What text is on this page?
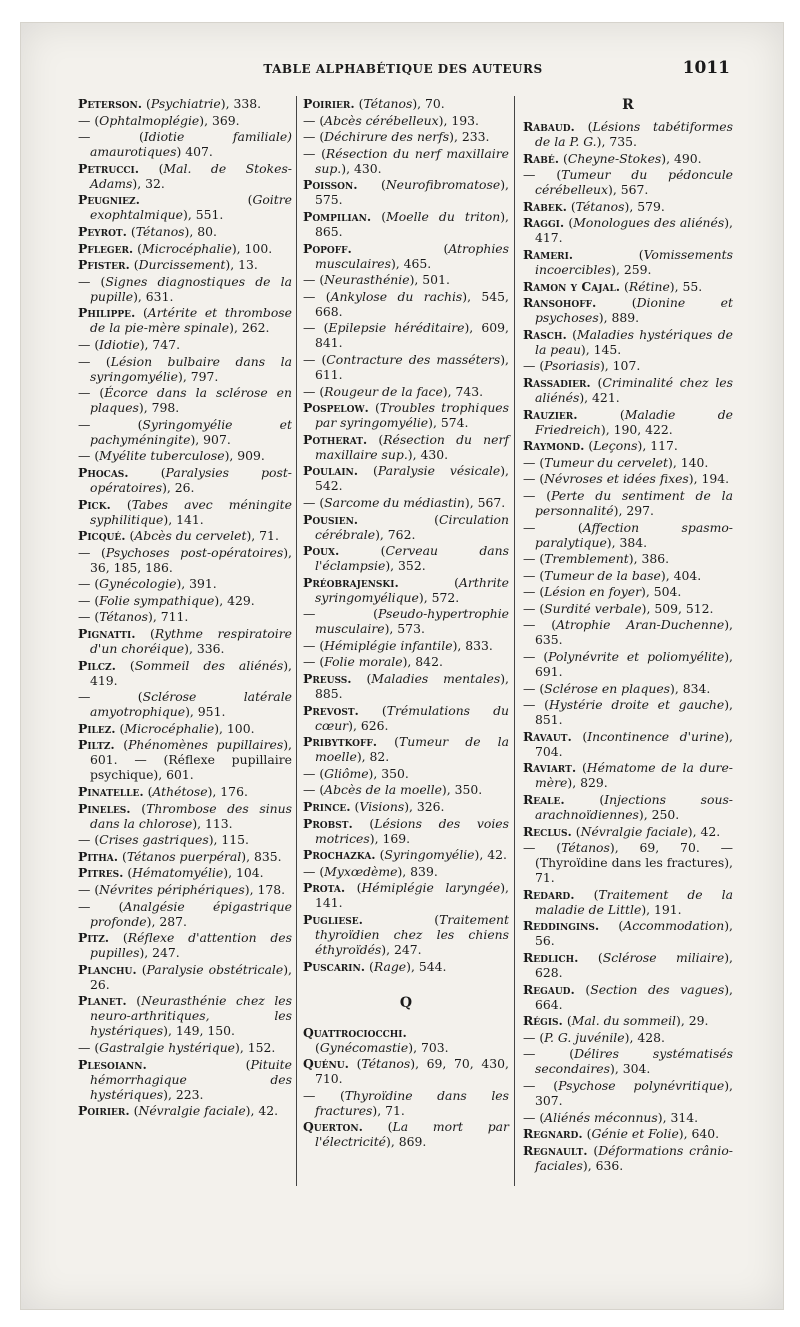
TABLE ALPHABÉTIQUE DES AUTEURS	1011
Peterson. (Psychiatrie), 338.
— (Ophtalmoplégie), 369.
— (Idiotie familiale) amaurotiques) 407.
Petrucci. (Mal. de Stokes-Adams), 32.
Peugniez. (Goitre exophtalmique), 551.
Peyrot. (Tétanos), 80.
Pfleger. (Microcéphalie), 100.
Pfister. (Durcissement), 13.
— (Signes diagnostiques de la pupille), 631.
Philippe. (Artérite et thrombose de la pie-mère spinale), 262.
— (Idiotie), 747.
— (Lésion bulbaire dans la syringomyélie), 797.
— (Écorce dans la sclérose en plaques), 798.
— (Syringomyélie et pachyméningite), 907.
— (Myélite tuberculose), 909.
Phocas. (Paralysies post-opératoires), 26.
Pick. (Tabes avec méningite syphilitique), 141.
Picqué. (Abcès du cervelet), 71.
— (Psychoses post-opératoires), 36, 185, 186.
— (Gynécologie), 391.
— (Folie sympathique), 429.
— (Tétanos), 711.
Pignatti. (Rythme respiratoire d'un choréique), 336.
Pilcz. (Sommeil des aliénés), 419.
— (Sclérose latérale amyotrophique), 951.
Pilez. (Microcéphalie), 100.
Piltz. (Phénomènes pupillaires), 601. — (Réflexe pupillaire psychique), 601.
Pinatelle. (Athétose), 176.
Pineles. (Thrombose des sinus dans la chlorose), 113.
— (Crises gastriques), 115.
Pitha. (Tétanos puerpéral), 835.
Pitres. (Hématomyélie), 104.
— (Névrites périphériques), 178.
— (Analgésie épigastrique profonde), 287.
Pitz. (Réflexe d'attention des pupilles), 247.
Planchu. (Paralysie obstétricale), 26.
Planet. (Neurasthénie chez les neuro-arthritiques, les hystériques), 149, 150.
— (Gastralgie hystérique), 152.
Plesoiann. (Pituite hémorrhagique des hystériques), 223.
Poirier. (Névralgie faciale), 42.
Poirier. (Tétanos), 70.
— (Abcès cérébelleux), 193.
— (Déchirure des nerfs), 233.
— (Résection du nerf maxillaire sup.), 430.
Poisson. (Neurofibromatose), 575.
Pompilian. (Moelle du triton), 865.
Popoff. (Atrophies musculaires), 465.
— (Neurasthénie), 501.
— (Ankylose du rachis), 545, 668.
— (Epilepsie héréditaire), 609, 841.
— (Contracture des masséters), 611.
— (Rougeur de la face), 743.
Pospelow. (Troubles trophiques par syringomyélie), 574.
Potherat. (Résection du nerf maxillaire sup.), 430.
Poulain. (Paralysie vésicale), 542.
— (Sarcome du médiastin), 567.
Pousien. (Circulation cérébrale), 762.
Poux. (Cerveau dans l'éclampsie), 352.
Préobrajenski. (Arthrite syringomyélique), 572.
— (Pseudo-hypertrophie musculaire), 573.
— (Hémiplégie infantile), 833.
— (Folie morale), 842.
Preuss. (Maladies mentales), 885.
Prevost. (Trémulations du cœur), 626.
Pribytkoff. (Tumeur de la moelle), 82.
— (Gliôme), 350.
— (Abcès de la moelle), 350.
Prince. (Visions), 326.
Probst. (Lésions des voies motrices), 169.
Prochazka. (Syringomyélie), 42.
— (Myxœdème), 839.
Prota. (Hémiplégie laryngée), 141.
Pugliese. (Traitement thyroïdien chez les chiens éthyroïdés), 247.
Puscarin. (Rage), 544.
Q
Quattrociocchi. (Gynécomastie), 703.
Quénu. (Tétanos), 69, 70, 430, 710.
— (Thyroïdine dans les fractures), 71.
Querton. (La mort par l'électricité), 869.
R
Rabaud. (Lésions tabétiformes de la P. G.), 735.
Rabé. (Cheyne-Stokes), 490.
— (Tumeur du pédoncule cérébelleux), 567.
Rabek. (Tétanos), 579.
Raggi. (Monologues des aliénés), 417.
Rameri. (Vomissements incoercibles), 259.
Ramon y Cajal. (Rétine), 55.
Ransohoff. (Dionine et psychoses), 889.
Rasch. (Maladies hystériques de la peau), 145.
— (Psoriasis), 107.
Rassadier. (Criminalité chez les aliénés), 421.
Rauzier. (Maladie de Friedreich), 190, 422.
Raymond. (Leçons), 117.
— (Tumeur du cervelet), 140.
— (Névroses et idées fixes), 194.
— (Perte du sentiment de la personnalité), 297.
— (Affection spasmo-paralytique), 384.
— (Tremblement), 386.
— (Tumeur de la base), 404.
— (Lésion en foyer), 504.
— (Surdité verbale), 509, 512.
— (Atrophie Aran-Duchenne), 635.
— (Polynévrite et poliomyélite), 691.
— (Sclérose en plaques), 834.
— (Hystérie droite et gauche), 851.
Ravaut. (Incontinence d'urine), 704.
Raviart. (Hématome de la dure-mère), 829.
Reale. (Injections sous-arachnoïdiennes), 250.
Reclus. (Névralgie faciale), 42.
— (Tétanos), 69, 70. — (Thyroïdine dans les fractures), 71.
Redard. (Traitement de la maladie de Little), 191.
Reddingins. (Accommodation), 56.
Redlich. (Sclérose miliaire), 628.
Regaud. (Section des vagues), 664.
Régis. (Mal. du sommeil), 29.
— (P. G. juvénile), 428.
— (Délires systématisés secondaires), 304.
— (Psychose polynévritique), 307.
— (Aliénés méconnus), 314.
Regnard. (Génie et Folie), 640.
Regnault. (Déformations crânio-faciales), 636.
